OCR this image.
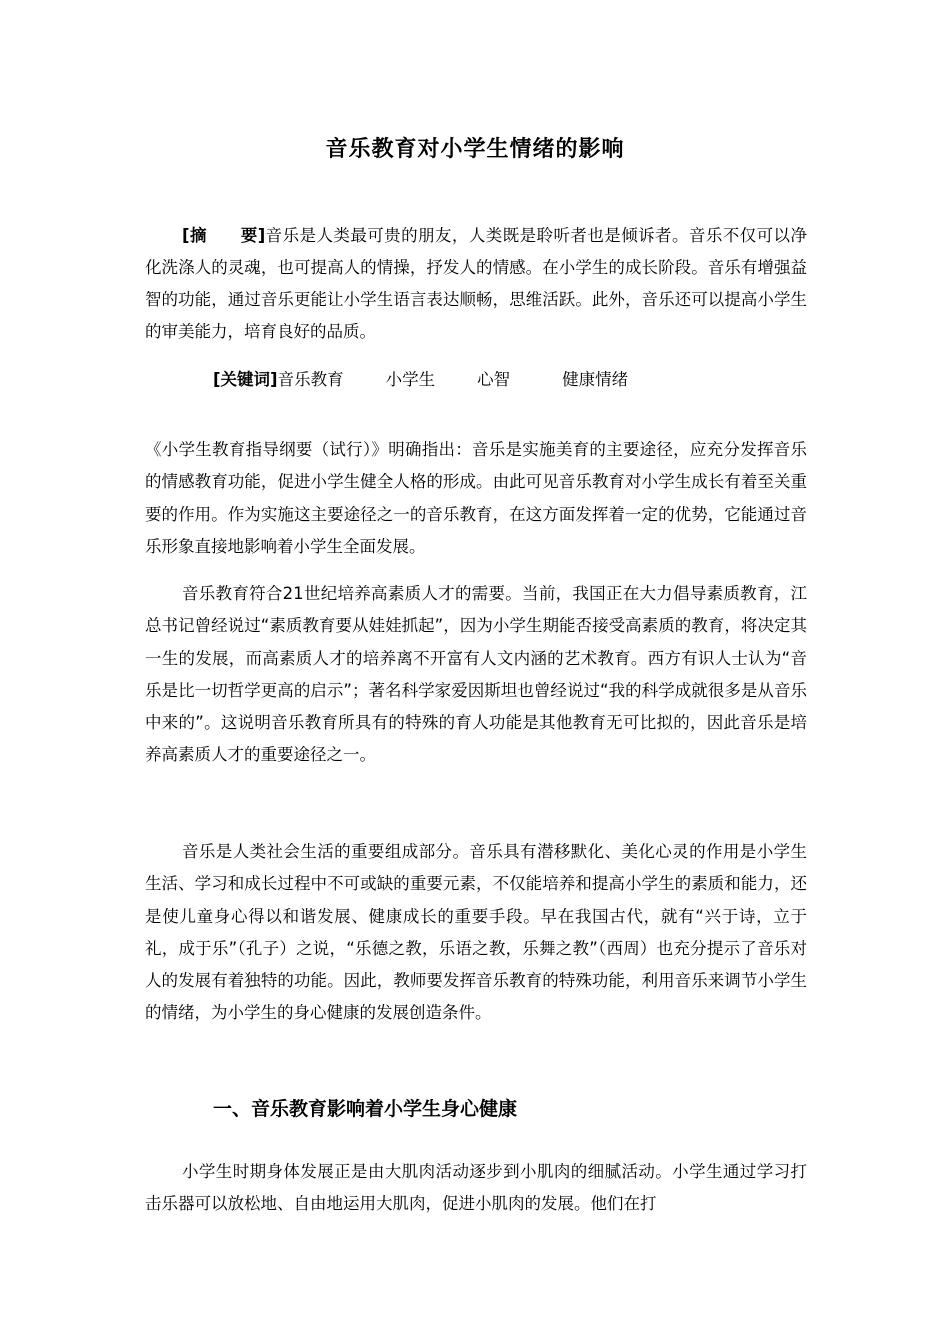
音乐教育对小学生情绪的影响
[摘　　要]音乐是人类最可贵的朋友，人类既是聆听者也是倾诉者。音乐不仅可以净化洗涤人的灵魂，也可提高人的情操，抒发人的情感。在小学生的成长阶段。音乐有增强益智的功能，通过音乐更能让小学生语言表达顺畅，思维活跃。此外，音乐还可以提高小学生的审美能力，培育良好的品质。
[关键词]音乐教育	小学生	心智	健康情绪

《小学生教育指导纲要（试行）》明确指出：音乐是实施美育的主要途径，应充分发挥音乐的情感教育功能，促进小学生健全人格的形成。由此可见音乐教育对小学生成长有着至关重要的作用。作为实施这主要途径之一的音乐教育，在这方面发挥着一定的优势，它能通过音乐形象直接地影响着小学生全面发展。

音乐教育符合21世纪培养高素质人才的需要。当前，我国正在大力倡导素质教育，江总书记曾经说过“素质教育要从娃娃抓起”，因为小学生期能否接受高素质的教育，将决定其一生的发展，而高素质人才的培养离不开富有人文内涵的艺术教育。西方有识人士认为“音乐是比一切哲学更高的启示”；著名科学家爱因斯坦也曾经说过“我的科学成就很多是从音乐中来的”。这说明音乐教育所具有的特殊的育人功能是其他教育无可比拟的，因此音乐是培养高素质人才的重要途径之一。

音乐是人类社会生活的重要组成部分。音乐具有潜移默化、美化心灵的作用是小学生生活、学习和成长过程中不可或缺的重要元素，不仅能培养和提高小学生的素质和能力，还是使儿童身心得以和谐发展、健康成长的重要手段。早在我国古代，就有“兴于诗，立于礼，成于乐”（孔子）之说，“乐德之教，乐语之教，乐舞之教”（西周）也充分提示了音乐对人的发展有着独特的功能。因此，教师要发挥音乐教育的特殊功能，利用音乐来调节小学生的情绪，为小学生的身心健康的发展创造条件。

一、音乐教育影响着小学生身心健康

小学生时期身体发展正是由大肌肉活动逐步到小肌肉的细腻活动。小学生通过学习打击乐器可以放松地、自由地运用大肌肉，促进小肌肉的发展。他们在打
